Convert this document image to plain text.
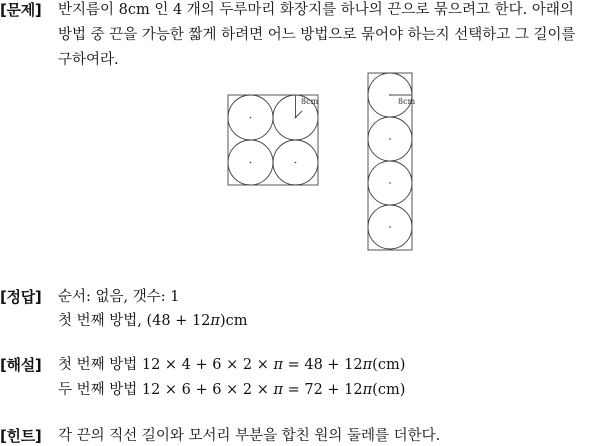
[문제] 반지름이 8cm 인 4 개의 두루마리 화장지를 하나의 끈으로 묶으려고 한다. 아래의
방법 중 끈을 가능한 짧게 하려면 어느 방법으로 묶어야 하는지 선택하고 그 길이를
구하여라.
8cm	8cm
[정답] 순서: 없음, 갯수: 1
첫 번째 방법, (48 + 12π)cm
[해설] 첫 번째 방법 12 × 4 + 6 × 2 × π = 48 + 12π(cm)
두 번째 방법 12 × 6 + 6 × 2 × π = 72 + 12π(cm)
[힌트] 각 끈의 직선 길이와 모서리 부분을 합친 원의 둘레를 더한다.
